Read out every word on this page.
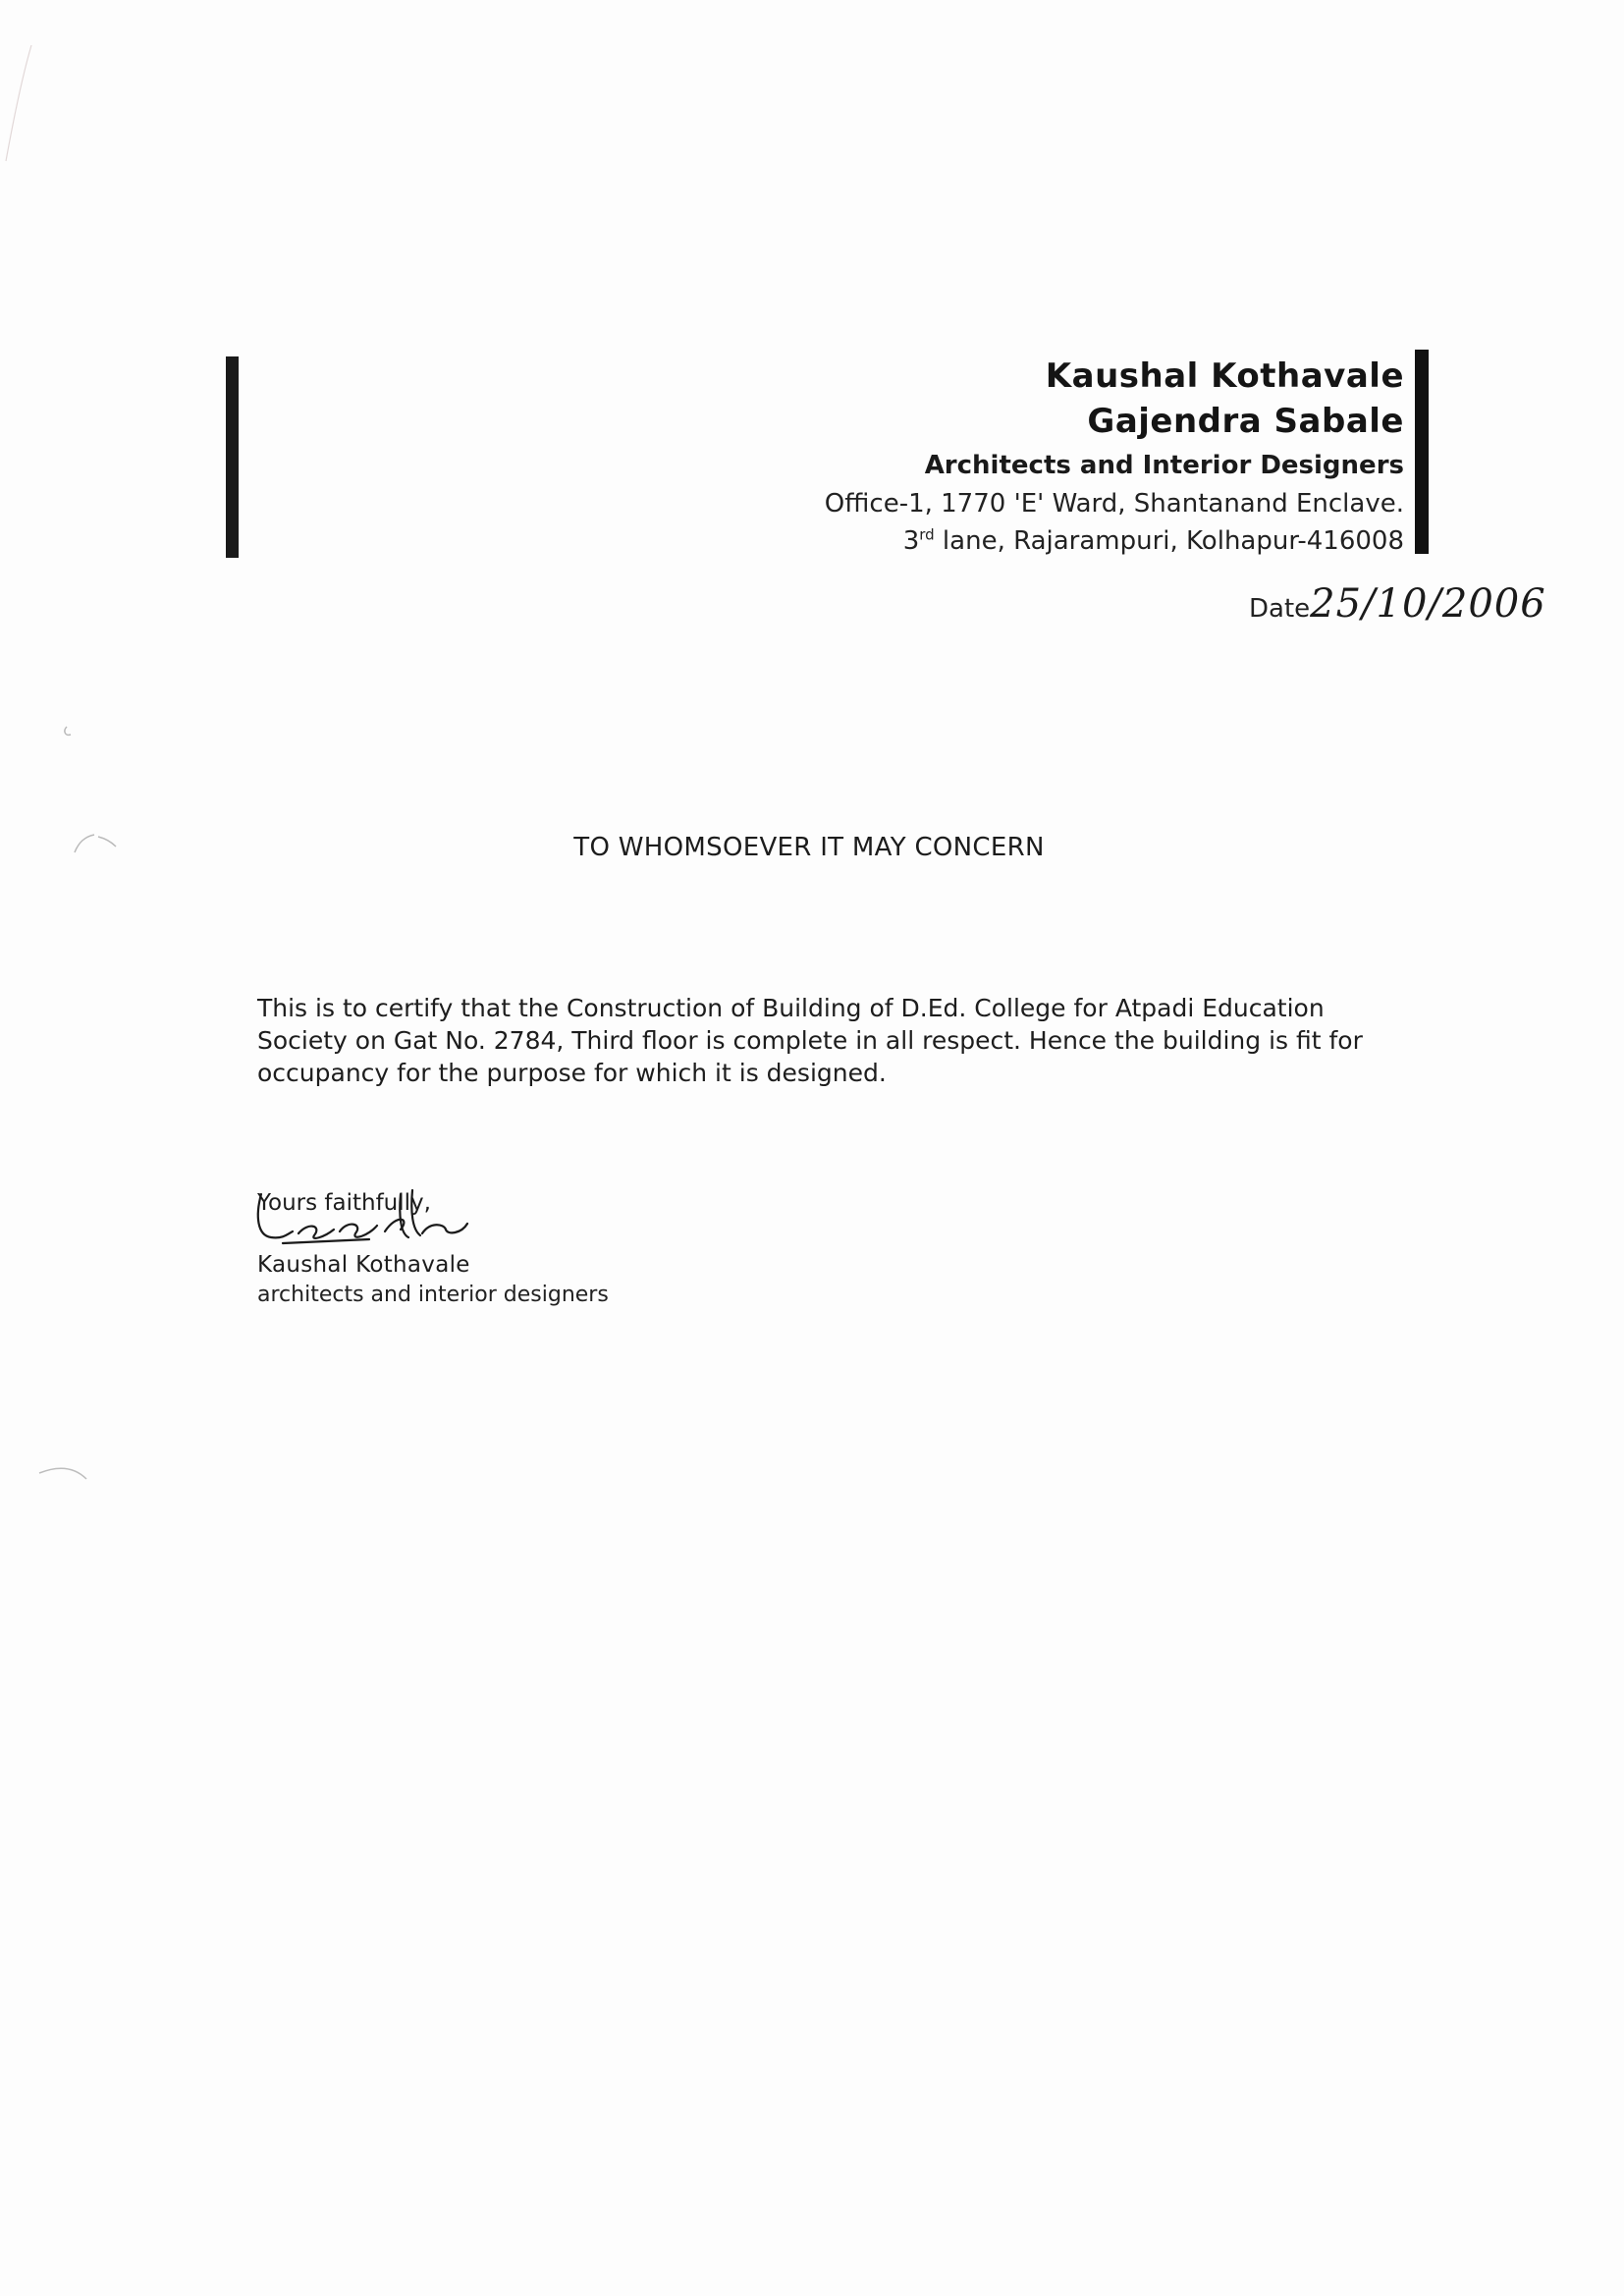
Kaushal Kothavale
Gajendra Sabale
Architects and Interior Designers
Office-1, 1770 'E' Ward, Shantanand Enclave.
3rd lane, Rajarampuri, Kolhapur-416008
Date25/10/2006
TO WHOMSOEVER IT MAY CONCERN
This is to certify that the Construction of Building of D.Ed. College for Atpadi Education
Society on Gat No. 2784, Third floor is complete in all respect. Hence the building is fit for
occupancy for the purpose for which it is designed.
Yours faithfully,
Kaushal Kothavale
architects and interior designers
